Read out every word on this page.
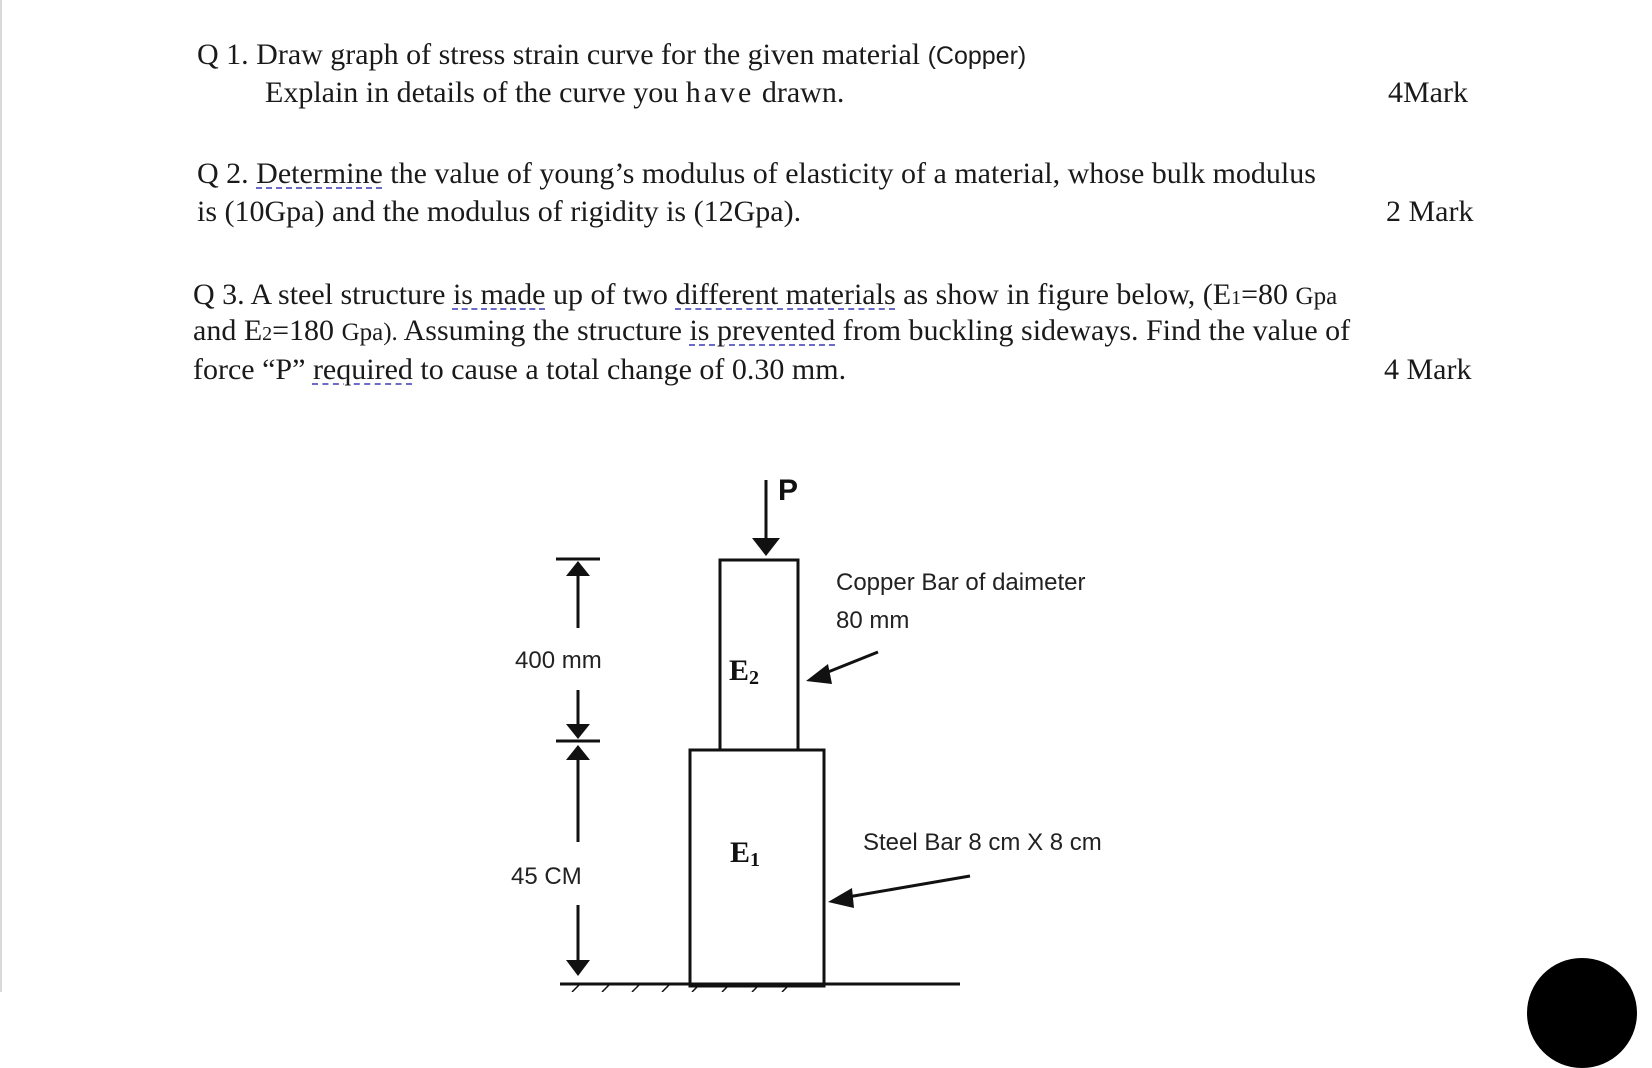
Q 1. Draw graph of stress strain curve for the given material (Copper)
Explain in details of the curve you have drawn.	4Mark
Q 2. Determine the value of young’s modulus of elasticity of a material, whose bulk modulus
is (10Gpa) and the modulus of rigidity is (12Gpa).	2 Mark
Q 3. A steel structure is made up of two different materials as show in figure below, (E1=80 Gpa
and E2=180 Gpa). Assuming the structure is prevented from buckling sideways. Find the value of
force “P” required to cause a total change of 0.30 mm.	4 Mark
P
400 mm
45 CM
E2
E1
Copper Bar of daimeter
80 mm
Steel Bar 8 cm X 8 cm
